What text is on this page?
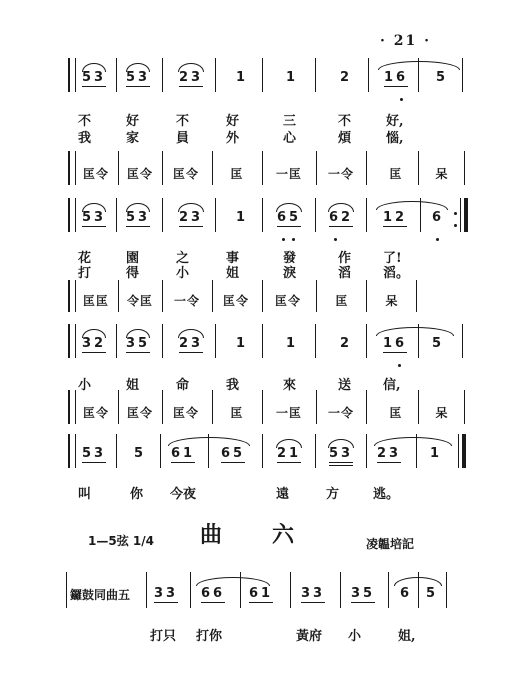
· 21 ·
53 53 23	1	1	2	16	5
不	好	不	好	三	不	好,
我	家	員	外	心	煩	惱,
匡令 匡令 匡令	匡	一匡	一令	匡	呆
53 53 23	1	65 62	12	6
花	園	之	事	發	作 了!
打	得	小	姐	淚	滔 滔。
匡匡 令匡	一令	匡令	匡令	匡	呆
32 35 23	1	1	2	16	5
小	姐	命	我	來	送 信,
匡令 匡令 匡令	匡	一匡	一令	匡	呆
53	5	61 65 21 53 23	1
叫	你 今夜	遠	方	逃。
1—5弦 1/4 曲六 凌韞培記
33 66 61 33 35 6 5
鑼鼓同曲五
打只 打你	黃府 小	姐,
